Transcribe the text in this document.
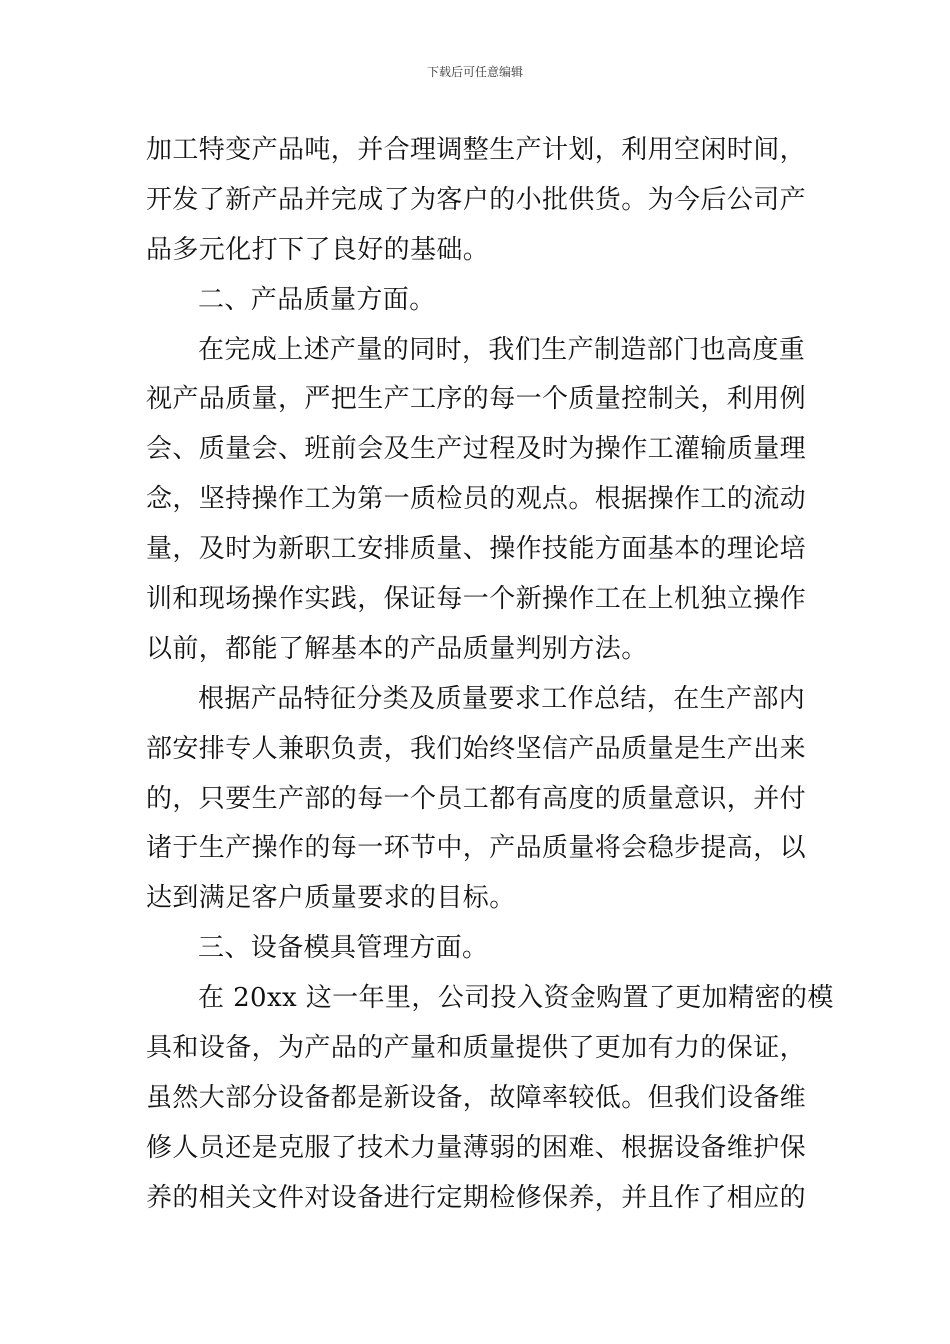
下载后可任意编辑
加工特变产品吨，并合理调整生产计划，利用空闲时间，
开发了新产品并完成了为客户的小批供货。为今后公司产
品多元化打下了良好的基础。
二、产品质量方面。
在完成上述产量的同时，我们生产制造部门也高度重
视产品质量，严把生产工序的每一个质量控制关，利用例
会、质量会、班前会及生产过程及时为操作工灌输质量理
念，坚持操作工为第一质检员的观点。根据操作工的流动
量，及时为新职工安排质量、操作技能方面基本的理论培
训和现场操作实践，保证每一个新操作工在上机独立操作
以前，都能了解基本的产品质量判别方法。
根据产品特征分类及质量要求工作总结，在生产部内
部安排专人兼职负责，我们始终坚信产品质量是生产出来
的，只要生产部的每一个员工都有高度的质量意识，并付
诸于生产操作的每一环节中，产品质量将会稳步提高，以
达到满足客户质量要求的目标。
三、设备模具管理方面。
在 20xx 这一年里，公司投入资金购置了更加精密的模
具和设备，为产品的产量和质量提供了更加有力的保证，
虽然大部分设备都是新设备，故障率较低。但我们设备维
修人员还是克服了技术力量薄弱的困难、根据设备维护保
养的相关文件对设备进行定期检修保养，并且作了相应的
